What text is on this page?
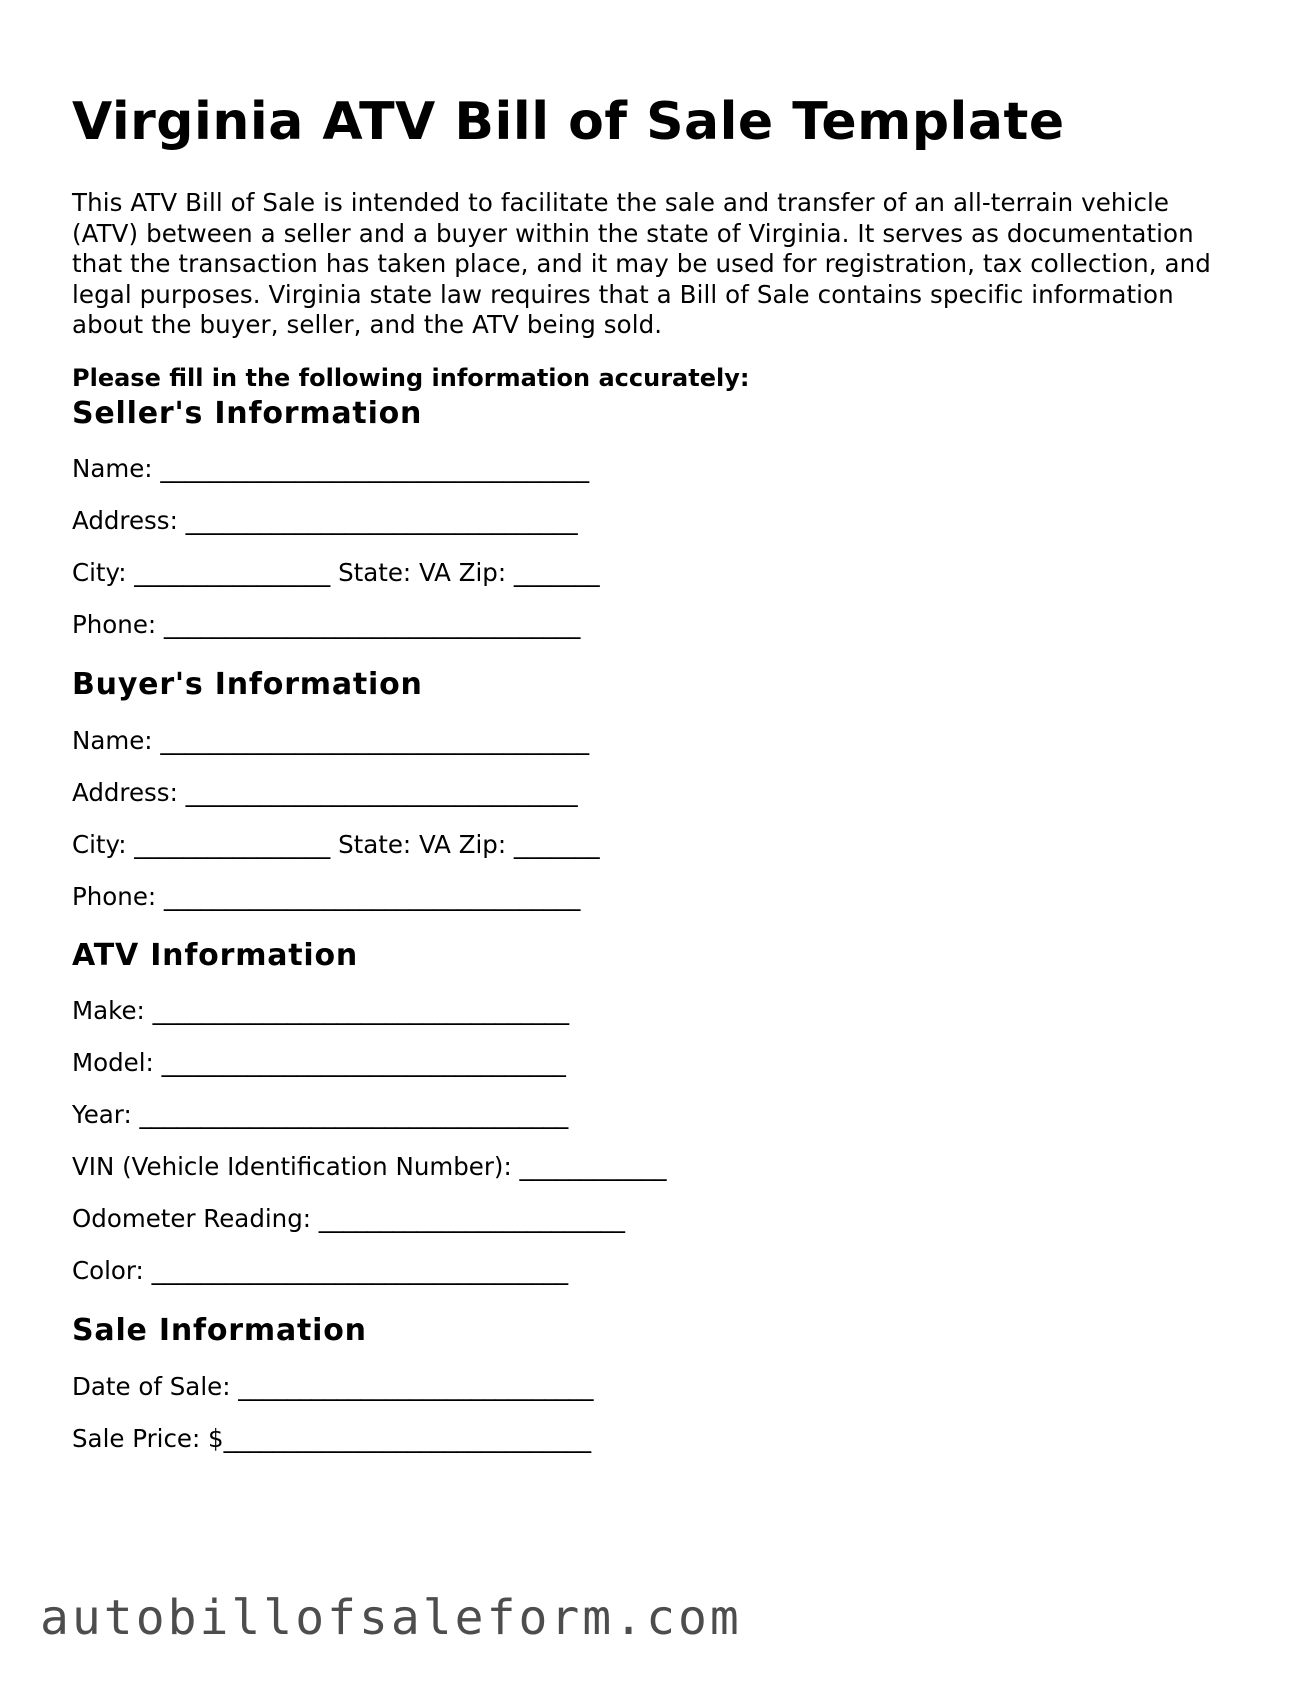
Virginia ATV Bill of Sale Template

This ATV Bill of Sale is intended to facilitate the sale and transfer of an all-terrain vehicle (ATV) between a seller and a buyer within the state of Virginia. It serves as documentation that the transaction has taken place, and it may be used for registration, tax collection, and legal purposes. Virginia state law requires that a Bill of Sale contains specific information about the buyer, seller, and the ATV being sold.

Please fill in the following information accurately:

Seller's Information

Name: ___________________________________

Address: ________________________________

City: ________________ State: VA Zip: _______

Phone: __________________________________

Buyer's Information

Name: ___________________________________

Address: ________________________________

City: ________________ State: VA Zip: _______

Phone: __________________________________

ATV Information

Make: __________________________________

Model: _________________________________

Year: ___________________________________

VIN (Vehicle Identification Number): ____________

Odometer Reading: _________________________

Color: __________________________________

Sale Information

Date of Sale: _____________________________

Sale Price: $______________________________

autobillofsaleform.com
